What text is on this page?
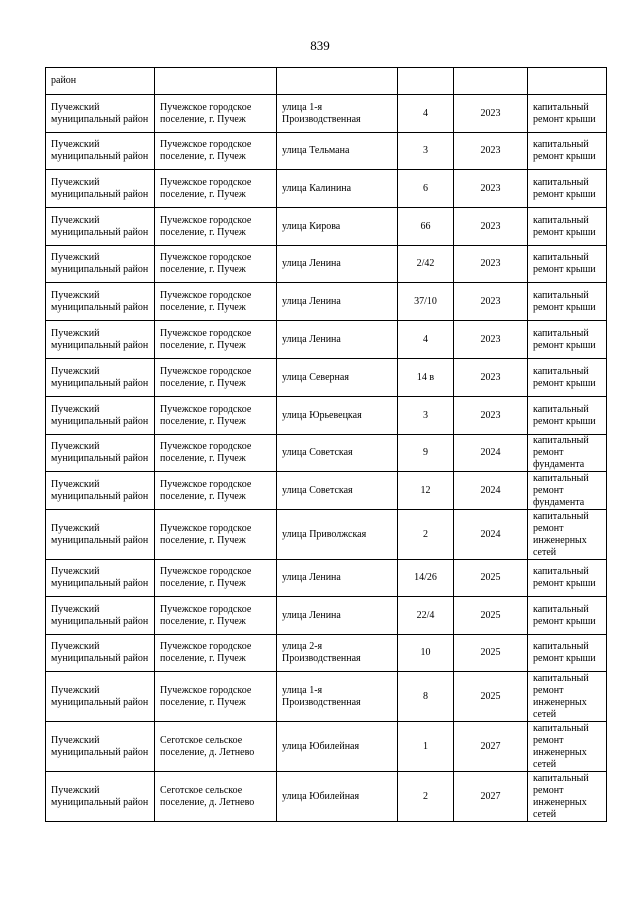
839
район					
Пучежский муниципальный район	Пучежское городское поселение, г. Пучеж	улица 1-я Производственная	4	2023	капитальный ремонт крыши
Пучежский муниципальный район	Пучежское городское поселение, г. Пучеж	улица Тельмана	3	2023	капитальный ремонт крыши
Пучежский муниципальный район	Пучежское городское поселение, г. Пучеж	улица Калинина	6	2023	капитальный ремонт крыши
Пучежский муниципальный район	Пучежское городское поселение, г. Пучеж	улица Кирова	66	2023	капитальный ремонт крыши
Пучежский муниципальный район	Пучежское городское поселение, г. Пучеж	улица Ленина	2/42	2023	капитальный ремонт крыши
Пучежский муниципальный район	Пучежское городское поселение, г. Пучеж	улица Ленина	37/10	2023	капитальный ремонт крыши
Пучежский муниципальный район	Пучежское городское поселение, г. Пучеж	улица Ленина	4	2023	капитальный ремонт крыши
Пучежский муниципальный район	Пучежское городское поселение, г. Пучеж	улица Северная	14 в	2023	капитальный ремонт крыши
Пучежский муниципальный район	Пучежское городское поселение, г. Пучеж	улица Юрьевецкая	3	2023	капитальный ремонт крыши
Пучежский муниципальный район	Пучежское городское поселение, г. Пучеж	улица Советская	9	2024	капитальный ремонт фундамента
Пучежский муниципальный район	Пучежское городское поселение, г. Пучеж	улица Советская	12	2024	капитальный ремонт фундамента
Пучежский муниципальный район	Пучежское городское поселение, г. Пучеж	улица Приволжская	2	2024	капитальный ремонт инженерных сетей
Пучежский муниципальный район	Пучежское городское поселение, г. Пучеж	улица Ленина	14/26	2025	капитальный ремонт крыши
Пучежский муниципальный район	Пучежское городское поселение, г. Пучеж	улица Ленина	22/4	2025	капитальный ремонт крыши
Пучежский муниципальный район	Пучежское городское поселение, г. Пучеж	улица 2-я Производственная	10	2025	капитальный ремонт крыши
Пучежский муниципальный район	Пучежское городское поселение, г. Пучеж	улица 1-я Производственная	8	2025	капитальный ремонт инженерных сетей
Пучежский муниципальный район	Сеготское сельское поселение, д. Летнево	улица Юбилейная	1	2027	капитальный ремонт инженерных сетей
Пучежский муниципальный район	Сеготское сельское поселение, д. Летнево	улица Юбилейная	2	2027	капитальный ремонт инженерных сетей
